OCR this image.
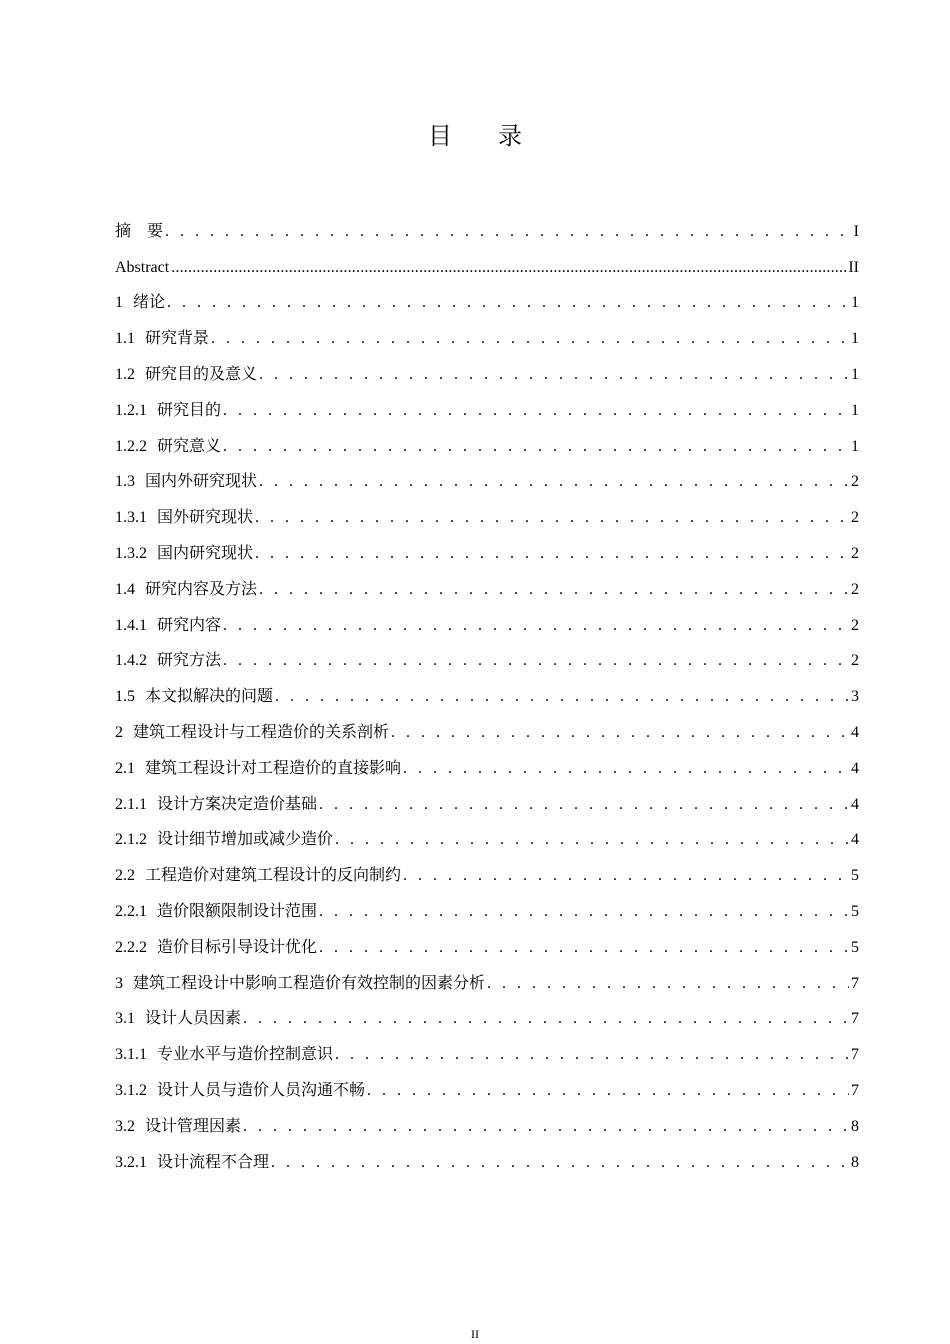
目 录
摘　要 . . .	I
Abstract .....	II
1 绪论 . . .	1
1.1 研究背景 . . .	1
1.2 研究目的及意义 . . .	1
1.2.1 研究目的 . . .	1
1.2.2 研究意义 . . .	1
1.3 国内外研究现状 . . .	2
1.3.1 国外研究现状 . . .	2
1.3.2 国内研究现状 . . .	2
1.4 研究内容及方法 . . .	2
1.4.1 研究内容 . . .	2
1.4.2 研究方法 . . .	2
1.5 本文拟解决的问题 . . .	3
2 建筑工程设计与工程造价的关系剖析 . . .	4
2.1 建筑工程设计对工程造价的直接影响 . . .	4
2.1.1 设计方案决定造价基础 . . .	4
2.1.2 设计细节增加或减少造价 . . .	4
2.2 工程造价对建筑工程设计的反向制约 . . .	5
2.2.1 造价限额限制设计范围 . . .	5
2.2.2 造价目标引导设计优化 . . .	5
3 建筑工程设计中影响工程造价有效控制的因素分析 . . .	7
3.1 设计人员因素 . . .	7
3.1.1 专业水平与造价控制意识 . . .	7
3.1.2 设计人员与造价人员沟通不畅 . . .	7
3.2 设计管理因素 . . .	8
3.2.1 设计流程不合理 . . .	8
II
